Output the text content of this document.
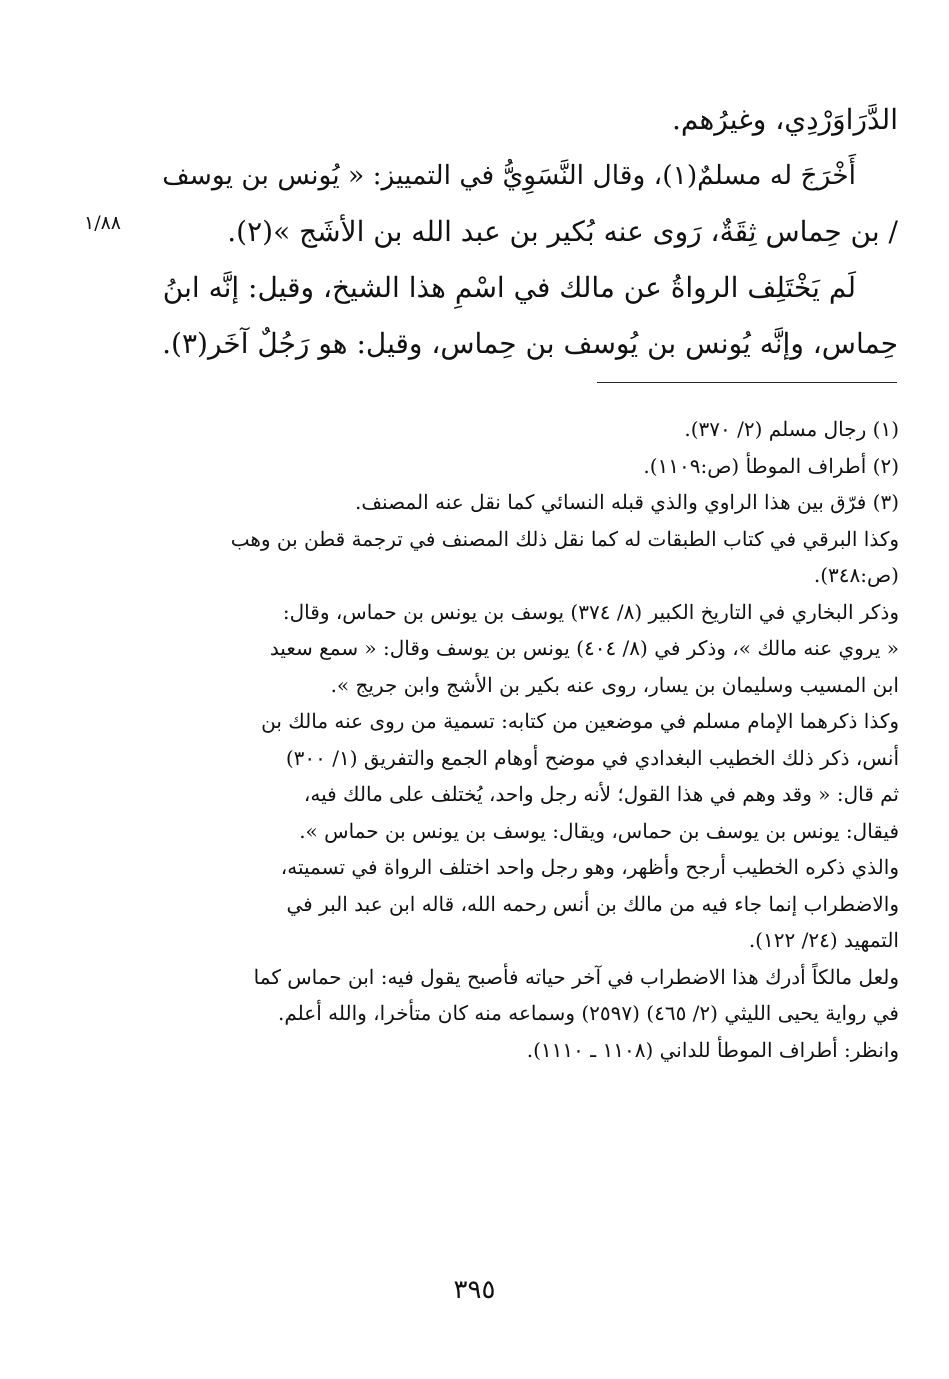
الدَّرَاوَرْدِي، وغيرُهم.
أَخْرَجَ له مسلمٌ(١)، وقال النَّسَوِيُّ في التمييز: « يُونس بن يوسف
/ بن حِماس ثِقَةٌ، رَوى عنه بُكير بن عبد الله بن الأشَج »(٢).
لَم يَخْتَلِف الرواةُ عن مالك في اسْمِ هذا الشيخ، وقيل: إنَّه ابنُ
حِماس، وإنَّه يُونس بن يُوسف بن حِماس، وقيل: هو رَجُلٌ آخَر(٣).
١/٨٨
(١) رجال مسلم (٢/ ٣٧٠).
(٢) أطراف الموطأ (ص:١١٠٩).
(٣) فرّق بين هذا الراوي والذي قبله النسائي كما نقل عنه المصنف.
وكذا البرقي في كتاب الطبقات له كما نقل ذلك المصنف في ترجمة قطن بن وهب
(ص:٣٤٨).
وذكر البخاري في التاريخ الكبير (٨/ ٣٧٤) يوسف بن يونس بن حماس، وقال:
« يروي عنه مالك »، وذكر في (٨/ ٤٠٤) يونس بن يوسف وقال: « سمع سعيد
ابن المسيب وسليمان بن يسار، روى عنه بكير بن الأشج وابن جريج ».
وكذا ذكرهما الإمام مسلم في موضعين من كتابه: تسمية من روى عنه مالك بن
أنس، ذكر ذلك الخطيب البغدادي في موضح أوهام الجمع والتفريق (١/ ٣٠٠)
ثم قال: « وقد وهم في هذا القول؛ لأنه رجل واحد، يُختلف على مالك فيه،
فيقال: يونس بن يوسف بن حماس، ويقال: يوسف بن يونس بن حماس ».
والذي ذكره الخطيب أرجح وأظهر، وهو رجل واحد اختلف الرواة في تسميته،
والاضطراب إنما جاء فيه من مالك بن أنس رحمه الله، قاله ابن عبد البر في
التمهيد (٢٤/ ١٢٢).
ولعل مالكاً أدرك هذا الاضطراب في آخر حياته فأصبح يقول فيه: ابن حماس كما
في رواية يحيى الليثي (٢/ ٤٦٥) (٢٥٩٧) وسماعه منه كان متأخرا، والله أعلم.
وانظر: أطراف الموطأ للداني (١١٠٨ ـ ١١١٠).
٣٩٥
